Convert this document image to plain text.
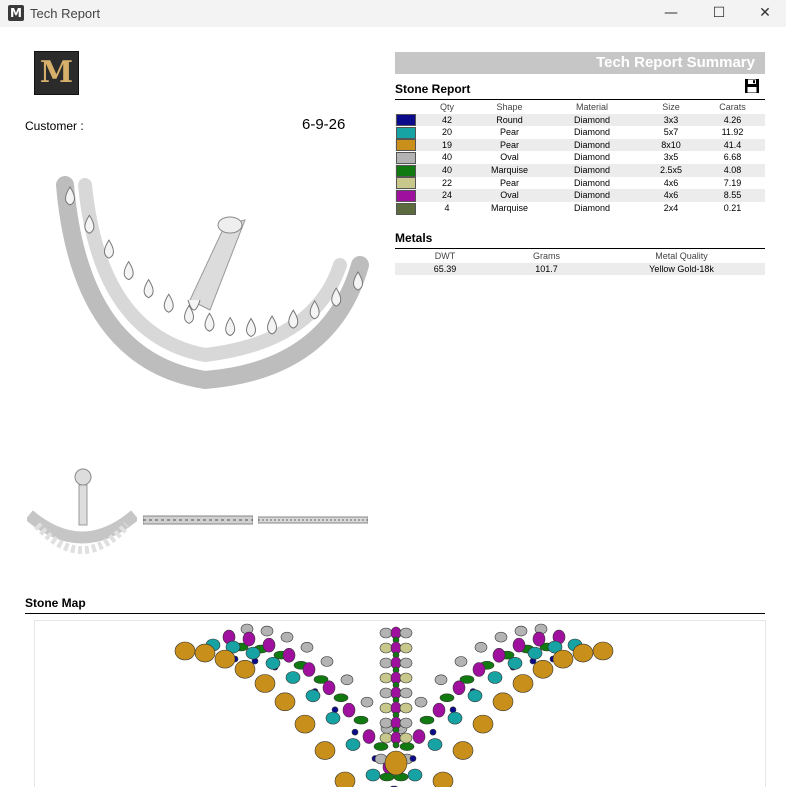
M Tech Report	—	☐	✕
M
Customer :	6-9-26
Tech Report Summary
Stone Report
	Qty	Shape	Material	Size	Carats
	42	Round	Diamond	3x3	4.26
	20	Pear	Diamond	5x7	11.92
	19	Pear	Diamond	8x10	41.4
	40	Oval	Diamond	3x5	6.68
	40	Marquise	Diamond	2.5x5	4.08
	22	Pear	Diamond	4x6	7.19
	24	Oval	Diamond	4x6	8.55
	4	Marquise	Diamond	2x4	0.21
Metals
DWT	Grams	Metal Quality
65.39	101.7	Yellow Gold-18k
Stone Map
